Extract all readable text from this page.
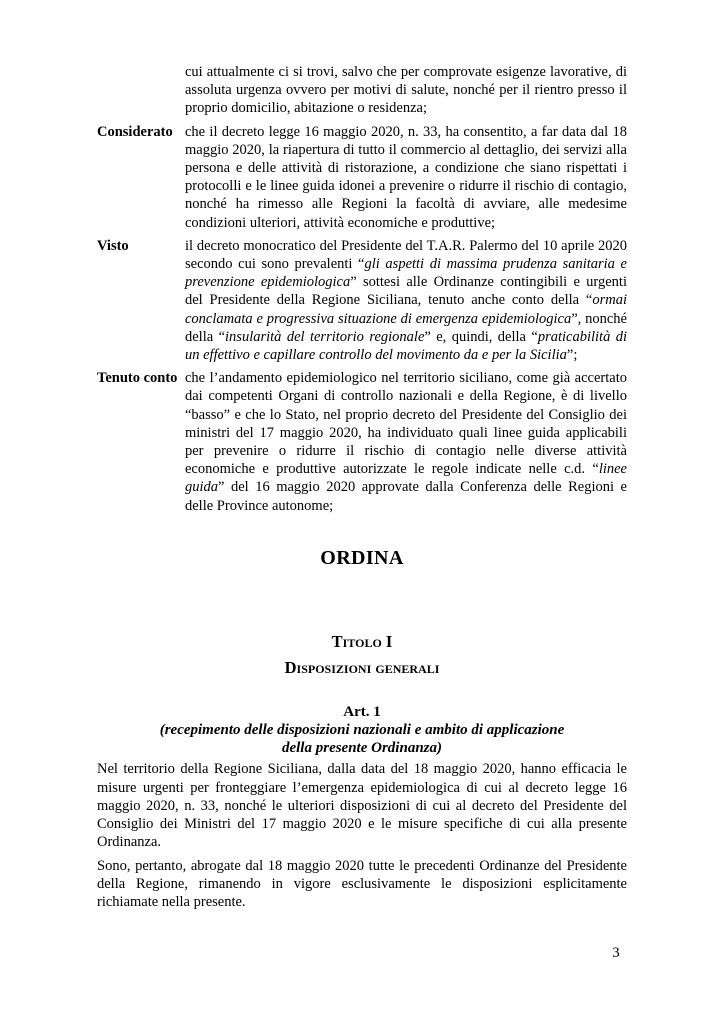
cui attualmente ci si trovi, salvo che per comprovate esigenze lavorative, di assoluta urgenza ovvero per motivi di salute, nonché per il rientro presso il proprio domicilio, abitazione o residenza;

Considerato che il decreto legge 16 maggio 2020, n. 33, ha consentito, a far data dal 18 maggio 2020, la riapertura di tutto il commercio al dettaglio, dei servizi alla persona e delle attività di ristorazione, a condizione che siano rispettati i protocolli e le linee guida idonei a prevenire o ridurre il rischio di contagio, nonché ha rimesso alle Regioni la facoltà di avviare, alle medesime condizioni ulteriori, attività economiche e produttive;

Visto	il decreto monocratico del Presidente del T.A.R. Palermo del 10 aprile 2020 secondo cui sono prevalenti “gli aspetti di massima prudenza sanitaria e prevenzione epidemiologica” sottesi alle Ordinanze contingibili e urgenti del Presidente della Regione Siciliana, tenuto anche conto della “ormai conclamata e progressiva situazione di emergenza epidemiologica”, nonché della “insularità del territorio regionale” e, quindi, della “praticabilità di un effettivo e capillare controllo del movimento da e per la Sicilia”;

Tenuto conto che l’andamento epidemiologico nel territorio siciliano, come già accertato dai competenti Organi di controllo nazionali e della Regione, è di livello “basso” e che lo Stato, nel proprio decreto del Presidente del Consiglio dei ministri del 17 maggio 2020, ha individuato quali linee guida applicabili per prevenire o ridurre il rischio di contagio nelle diverse attività economiche e produttive autorizzate le regole indicate nelle c.d. “linee guida” del 16 maggio 2020 approvate dalla Conferenza delle Regioni e delle Province autonome;

ORDINA
Titolo I
Disposizioni generali
Art. 1
(recepimento delle disposizioni nazionali e ambito di applicazione
della presente Ordinanza)

Nel territorio della Regione Siciliana, dalla data del 18 maggio 2020, hanno efficacia le misure urgenti per fronteggiare l’emergenza epidemiologica di cui al decreto legge 16 maggio 2020, n. 33, nonché le ulteriori disposizioni di cui al decreto del Presidente del Consiglio dei Ministri del 17 maggio 2020 e le misure specifiche di cui alla presente Ordinanza.

Sono, pertanto, abrogate dal 18 maggio 2020 tutte le precedenti Ordinanze del Presidente della Regione, rimanendo in vigore esclusivamente le disposizioni esplicitamente richiamate nella presente.

3
